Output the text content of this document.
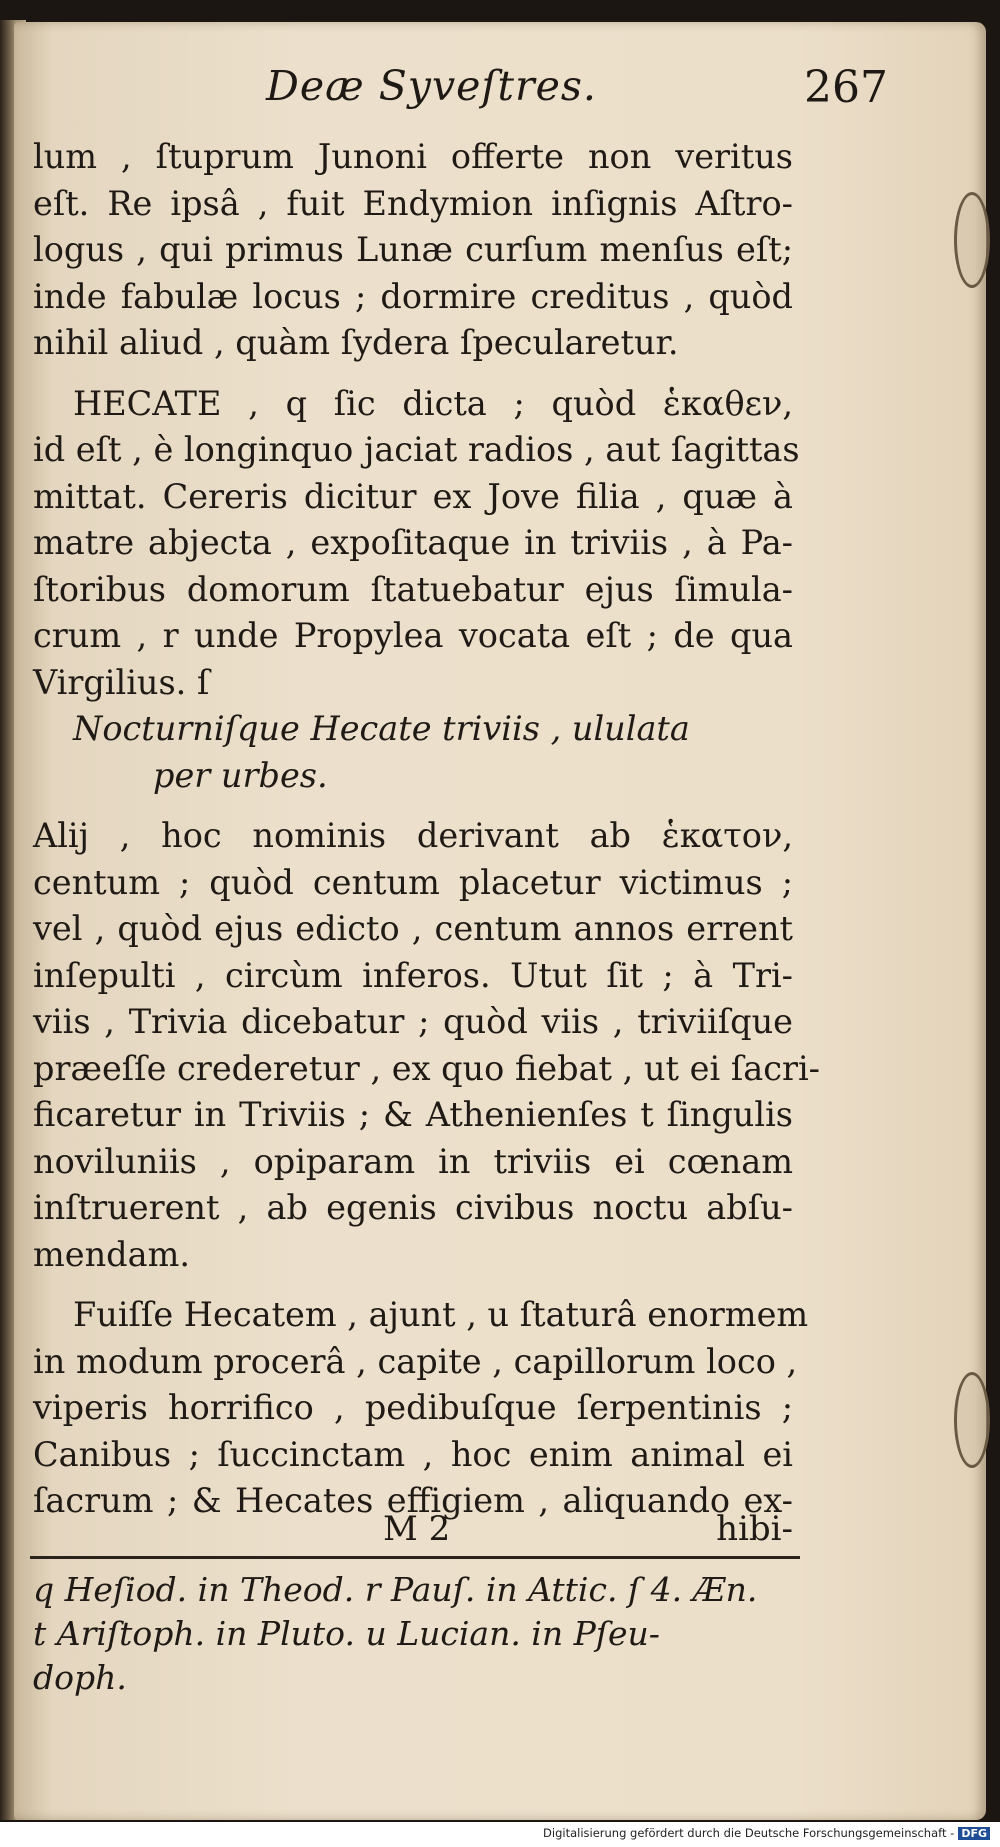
Deæ Syveſtres.	267
lum , ſtuprum Junoni offerte non veritus
eſt. Re ipsâ , fuit Endymion inſignis Aſtro-
logus , qui primus Lunæ curſum menſus eſt;
inde fabulæ locus ; dormire creditus , quòd
nihil aliud , quàm ſydera ſpecularetur.
HECATE , q ſic dicta ; quòd ἑκαθεν,
id eſt , è longinquo jaciat radios , aut ſagittas
mittat. Cereris dicitur ex Jove filia , quæ à
matre abjecta , expoſitaque in triviis , à Pa-
ſtoribus domorum ſtatuebatur ejus ſimula-
crum , r unde Propylea vocata eſt ; de qua
Virgilius. ſ
Nocturniſque Hecate triviis , ululata
per urbes.
Alij , hoc nominis derivant ab ἑκατον,
centum ; quòd centum placetur victimus ;
vel , quòd ejus edicto , centum annos errent
inſepulti , circùm inferos. Utut ſit ; à Tri-
viis , Trivia dicebatur ; quòd viis , triviiſque
præeſſe crederetur , ex quo fiebat , ut ei ſacri-
ficaretur in Triviis ; & Athenienſes t ſingulis
noviluniis , opiparam in triviis ei cœnam
inſtruerent , ab egenis civibus noctu abſu-
mendam.
Fuiſſe Hecatem , ajunt , u ſtaturâ enormem
in modum procerâ , capite , capillorum loco ,
viperis horrifico , pedibuſque ſerpentinis ;
Canibus ; ſuccinctam , hoc enim animal ei
ſacrum ; & Hecates effigiem , aliquando ex-
M 2	hibi-
q Heſiod. in Theod. r Pauſ. in Attic. ſ 4. Æn.
t Ariſtoph. in Pluto. u Lucian. in Pſeu-
doph.
Digitalisierung gefördert durch die Deutsche Forschungsgemeinschaft - DFG
